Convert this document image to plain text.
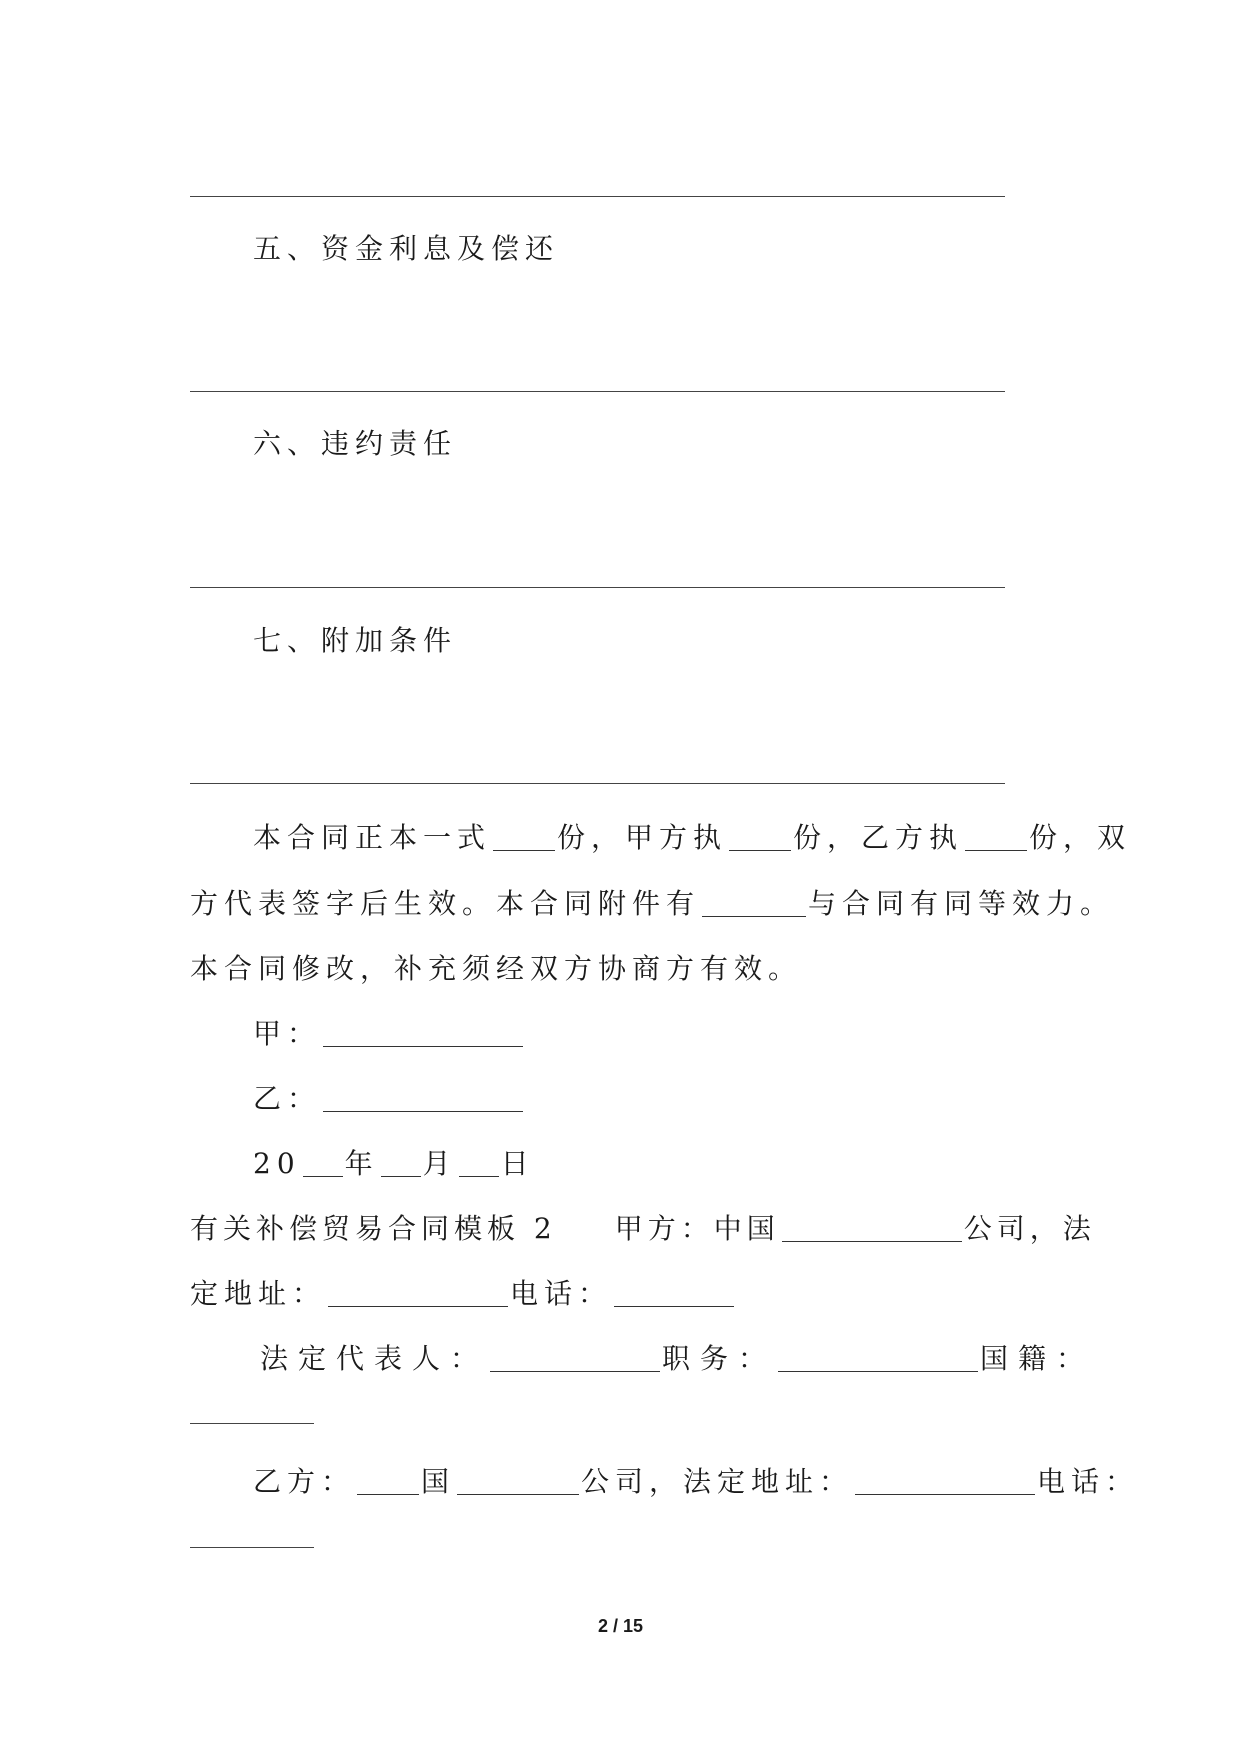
五、资金利息及偿还
六、违约责任
七、附加条件
本合同正本一式 份，甲方执 份，乙方执 份，双
方代表签字后生效。本合同附件有	与合同有同等效力。
本合同修改，补充须经双方协商方有效。
甲：
乙：
20 年 月 日
有关补偿贸易合同模板 2 甲方：中国	公司，法
定地址：	电话：
法定代表人：	职务：	国籍：
乙方： 国	公司，法定地址：	电话：
2 / 15
